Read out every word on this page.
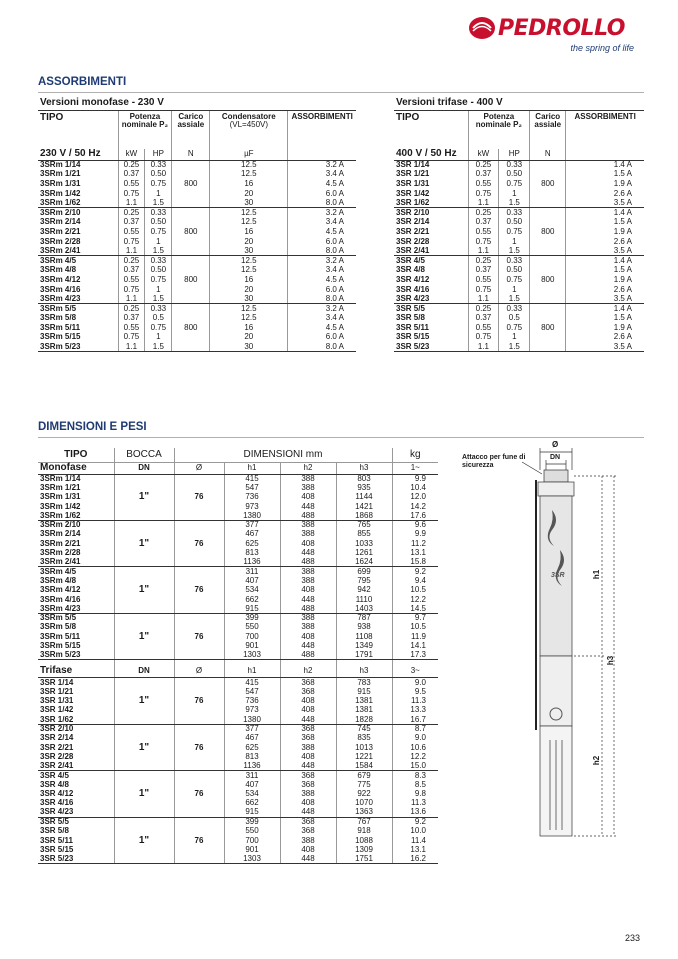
PEDROLLO
the spring of life
ASSORBIMENTI
Versioni monofase - 230 V					
TIPO	Potenza nominale P₂		Carico assiale	Condensatore
(VL=450V)	ASSORBIMENTI
230 V / 50 Hz	kW	HP	N	µF	
3SRm 1/14	0.25	0.33	800	12.5	3.2 A
3SRm 1/21	0.37	0.50		12.5	3.4 A
3SRm 1/31	0.55	0.75		16	4.5 A
3SRm 1/42	0.75	1		20	6.0 A
3SRm 1/62	1.1	1.5		30	8.0 A
3SRm 2/10	0.25	0.33	800	12.5	3.2 A
3SRm 2/14	0.37	0.50		12.5	3.4 A
3SRm 2/21	0.55	0.75		16	4.5 A
3SRm 2/28	0.75	1		20	6.0 A
3SRm 2/41	1.1	1.5		30	8.0 A
3SRm 4/5	0.25	0.33	800	12.5	3.2 A
3SRm 4/8	0.37	0.50		12.5	3.4 A
3SRm 4/12	0.55	0.75		16	4.5 A
3SRm 4/16	0.75	1		20	6.0 A
3SRm 4/23	1.1	1.5		30	8.0 A
3SRm 5/5	0.25	0.33	800	12.5	3.2 A
3SRm 5/8	0.37	0.5		12.5	3.4 A
3SRm 5/11	0.55	0.75		16	4.5 A
3SRm 5/15	0.75	1		20	6.0 A
3SRm 5/23	1.1	1.5		30	8.0 A
Versioni trifase - 400 V				
TIPO	Potenza nominale P₂		Carico assiale	ASSORBIMENTI
400 V / 50 Hz	kW	HP	N	
3SR 1/14	0.25	0.33	800	1.4 A
3SR 1/21	0.37	0.50		1.5 A
3SR 1/31	0.55	0.75		1.9 A
3SR 1/42	0.75	1		2.6 A
3SR 1/62	1.1	1.5		3.5 A
3SR 2/10	0.25	0.33	800	1.4 A
3SR 2/14	0.37	0.50		1.5 A
3SR 2/21	0.55	0.75		1.9 A
3SR 2/28	0.75	1		2.6 A
3SR 2/41	1.1	1.5		3.5 A
3SR 4/5	0.25	0.33	800	1.4 A
3SR 4/8	0.37	0.50		1.5 A
3SR 4/12	0.55	0.75		1.9 A
3SR 4/16	0.75	1		2.6 A
3SR 4/23	1.1	1.5		3.5 A
3SR 5/5	0.25	0.33	800	1.4 A
3SR 5/8	0.37	0.5		1.5 A
3SR 5/11	0.55	0.75		1.9 A
3SR 5/15	0.75	1		2.6 A
3SR 5/23	1.1	1.5		3.5 A
DIMENSIONI E PESI
TIPO	BOCCA	DIMENSIONI mm				kg
Monofase	DN	Ø	h1	h2	h3	1~
3SRm 1/14	1"	76	415	388	803	9.9
3SRm 1/21			547	388	935	10.4
3SRm 1/31			736	408	1144	12.0
3SRm 1/42			973	448	1421	14.2
3SRm 1/62			1380	488	1868	17.6
3SRm 2/10	1"	76	377	388	765	9.6
3SRm 2/14			467	388	855	9.9
3SRm 2/21			625	408	1033	11.2
3SRm 2/28			813	448	1261	13.1
3SRm 2/41			1136	488	1624	15.8
3SRm 4/5	1"	76	311	388	699	9.2
3SRm 4/8			407	388	795	9.4
3SRm 4/12			534	408	942	10.5
3SRm 4/16			662	448	1110	12.2
3SRm 4/23			915	488	1403	14.5
3SRm 5/5	1"	76	399	388	787	9.7
3SRm 5/8			550	388	938	10.5
3SRm 5/11			700	408	1108	11.9
3SRm 5/15			901	448	1349	14.1
3SRm 5/23			1303	488	1791	17.3
Trifase	DN	Ø	h1	h2	h3	3~
3SR 1/14	1"	76	415	368	783	9.0
3SR 1/21			547	368	915	9.5
3SR 1/31			736	408	1381	11.3
3SR 1/42			973	408	1381	13.3
3SR 1/62			1380	448	1828	16.7
3SR 2/10	1"	76	377	368	745	8.7
3SR 2/14			467	368	835	9.0
3SR 2/21			625	388	1013	10.6
3SR 2/28			813	408	1221	12.2
3SR 2/41			1136	448	1584	15.0
3SR 4/5	1"	76	311	368	679	8.3
3SR 4/8			407	368	775	8.5
3SR 4/12			534	388	922	9.8
3SR 4/16			662	408	1070	11.3
3SR 4/23			915	448	1363	13.6
3SR 5/5	1"	76	399	368	767	9.2
3SR 5/8			550	368	918	10.0
3SR 5/11			700	388	1088	11.4
3SR 5/15			901	408	1309	13.1
3SR 5/23			1303	448	1751	16.2
Attacco per fune di sicurezza
Ø
DN
3SR	h1
h3
h2
233
